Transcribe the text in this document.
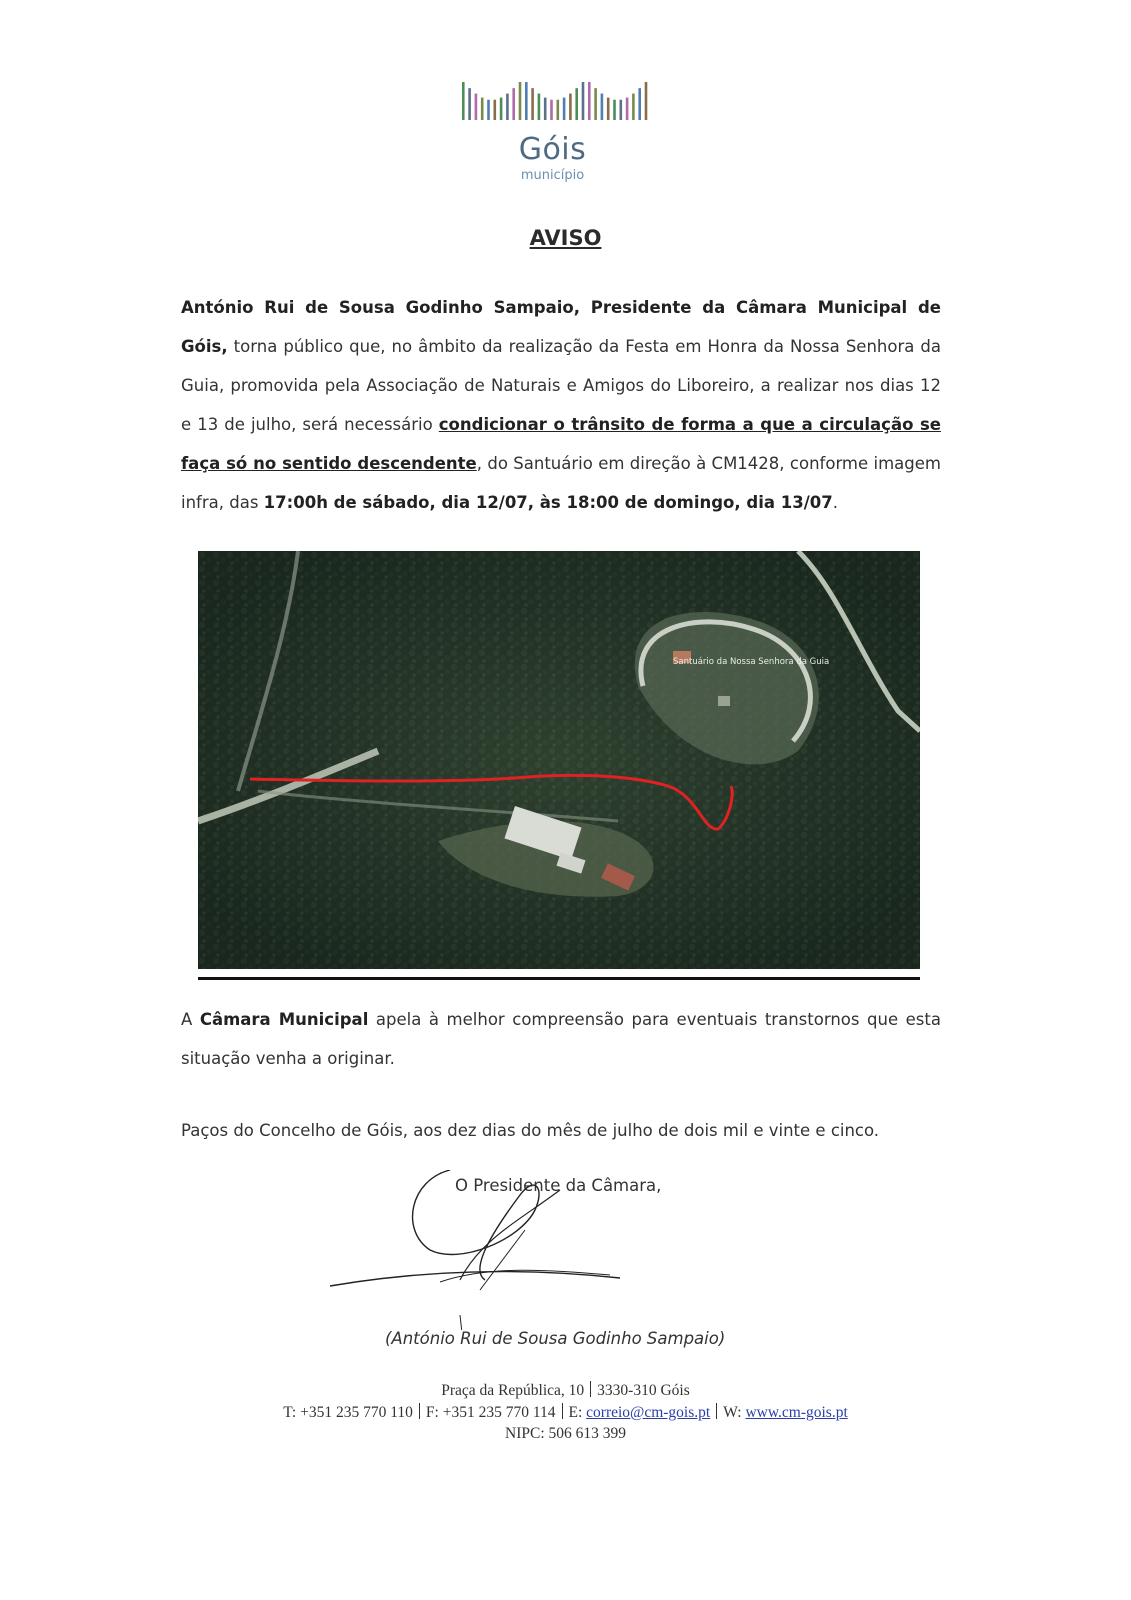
Góis
município
AVISO
António Rui de Sousa Godinho Sampaio, Presidente da Câmara Municipal de Góis, torna público que, no âmbito da realização da Festa em Honra da Nossa Senhora da Guia, promovida pela Associação de Naturais e Amigos do Liboreiro, a realizar nos dias 12 e 13 de julho, será necessário condicionar o trânsito de forma a que a circulação se faça só no sentido descendente, do Santuário em direção à CM1428, conforme imagem infra, das 17:00h de sábado, dia 12/07, às 18:00 de domingo, dia 13/07.
Santuário da Nossa Senhora da Guia
A Câmara Municipal apela à melhor compreensão para eventuais transtornos que esta situação venha a originar.
Paços do Concelho de Góis, aos dez dias do mês de julho de dois mil e vinte e cinco.
O Presidente da Câmara,
(António Rui de Sousa Godinho Sampaio)
Praça da República, 10 3330-310 Góis
T: +351 235 770 110 F: +351 235 770 114 E: correio@cm-gois.pt W: www.cm-gois.pt
NIPC: 506 613 399
